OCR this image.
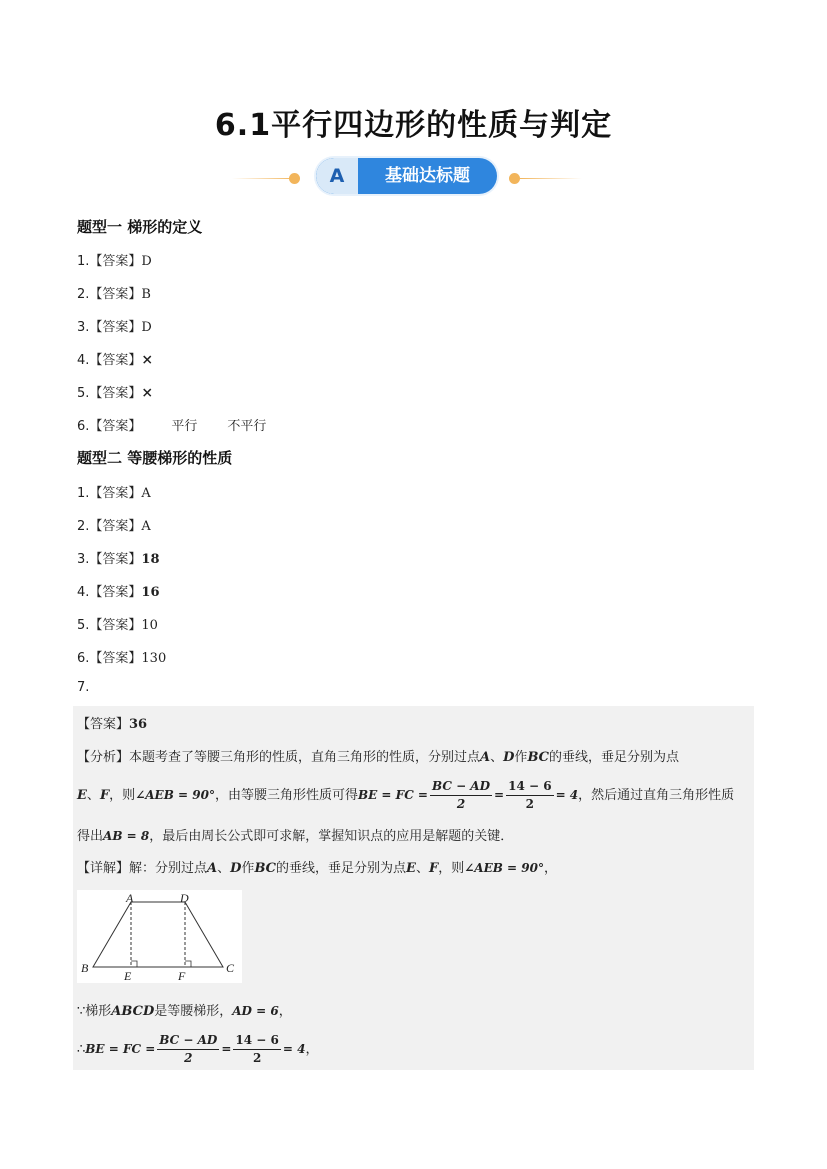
6.1平行四边形的性质与判定
A	基础达标题
题型一 梯形的定义
1.【答案】D
2.【答案】B
3.【答案】D
4.【答案】×
5.【答案】×
6.【答案】 平行 不平行
题型二 等腰梯形的性质
1.【答案】A
2.【答案】A
3.【答案】18
4.【答案】16
5.【答案】10
6.【答案】130
7.
【答案】36
【分析】本题考查了等腰三角形的性质，直角三角形的性质，分别过点A、D作BC的垂线，垂足分别为点
E、F，则∠AEB = 90°，由等腰三角形性质可得BE = FC = $\frac{BC - AD}{2} = \frac{14 - 6}{2} = 4$，然后通过直角三角形性质
得出AB = 8，最后由周长公式即可求解，掌握知识点的应用是解题的关键．
【详解】解：分别过点A、D作BC的垂线，垂足分别为点E、F，则∠AEB = 90°，
A	D
B
E	F
C
∵梯形ABCD是等腰梯形，AD = 6，
∴BE = FC = $\frac{BC - AD}{2} = \frac{14 - 6}{2} = 4$，
